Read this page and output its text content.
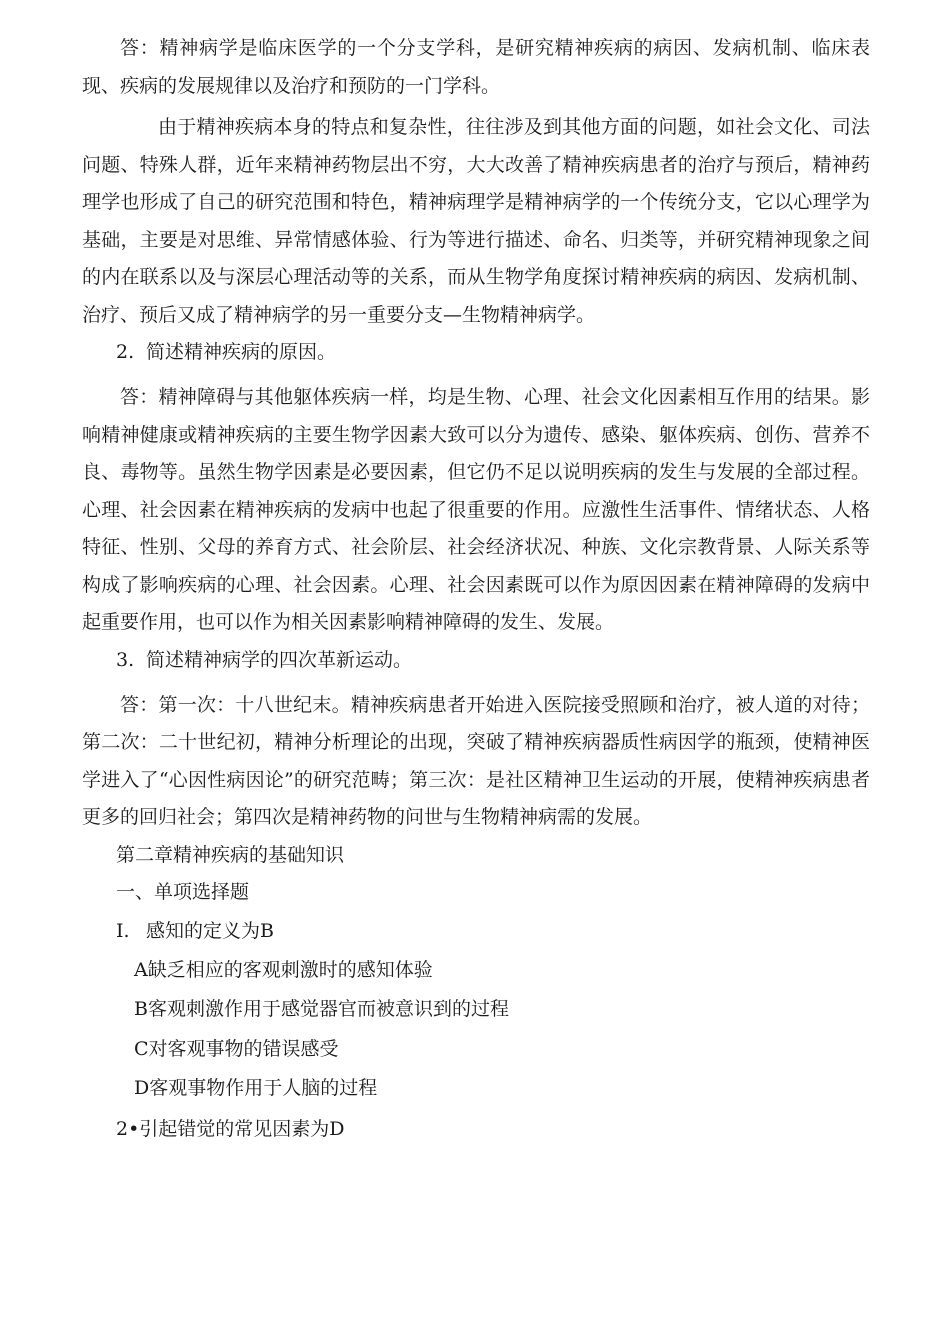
答：精神病学是临床医学的一个分支学科，是研究精神疾病的病因、发病机制、临床表现、疾病的发展规律以及治疗和预防的一门学科。

由于精神疾病本身的特点和复杂性，往往涉及到其他方面的问题，如社会文化、司法问题、特殊人群，近年来精神药物层出不穷，大大改善了精神疾病患者的治疗与预后，精神药理学也形成了自己的研究范围和特色，精神病理学是精神病学的一个传统分支，它以心理学为基础，主要是对思维、异常情感体验、行为等进行描述、命名、归类等，并研究精神现象之间的内在联系以及与深层心理活动等的关系，而从生物学角度探讨精神疾病的病因、发病机制、治疗、预后又成了精神病学的另一重要分支—生物精神病学。

2. 简述精神疾病的原因。

答：精神障碍与其他躯体疾病一样，均是生物、心理、社会文化因素相互作用的结果。影响精神健康或精神疾病的主要生物学因素大致可以分为遗传、感染、躯体疾病、创伤、营养不良、毒物等。虽然生物学因素是必要因素，但它仍不足以说明疾病的发生与发展的全部过程。心理、社会因素在精神疾病的发病中也起了很重要的作用。应激性生活事件、情绪状态、人格特征、性别、父母的养育方式、社会阶层、社会经济状况、种族、文化宗教背景、人际关系等构成了影响疾病的心理、社会因素。心理、社会因素既可以作为原因因素在精神障碍的发病中起重要作用，也可以作为相关因素影响精神障碍的发生、发展。

3. 简述精神病学的四次革新运动。

答：第一次：十八世纪末。精神疾病患者开始进入医院接受照顾和治疗，被人道的对待；第二次：二十世纪初，精神分析理论的出现，突破了精神疾病器质性病因学的瓶颈，使精神医学进入了“心因性病因论”的研究范畴；第三次：是社区精神卫生运动的开展，使精神疾病患者更多的回归社会；第四次是精神药物的问世与生物精神病需的发展。

第二章精神疾病的基础知识

一、单项选择题

I. 感知的定义为B

A缺乏相应的客观刺激时的感知体验

B客观刺激作用于感觉器官而被意识到的过程

C对客观事物的错误感受

D客观事物作用于人脑的过程

2•引起错觉的常见因素为D
